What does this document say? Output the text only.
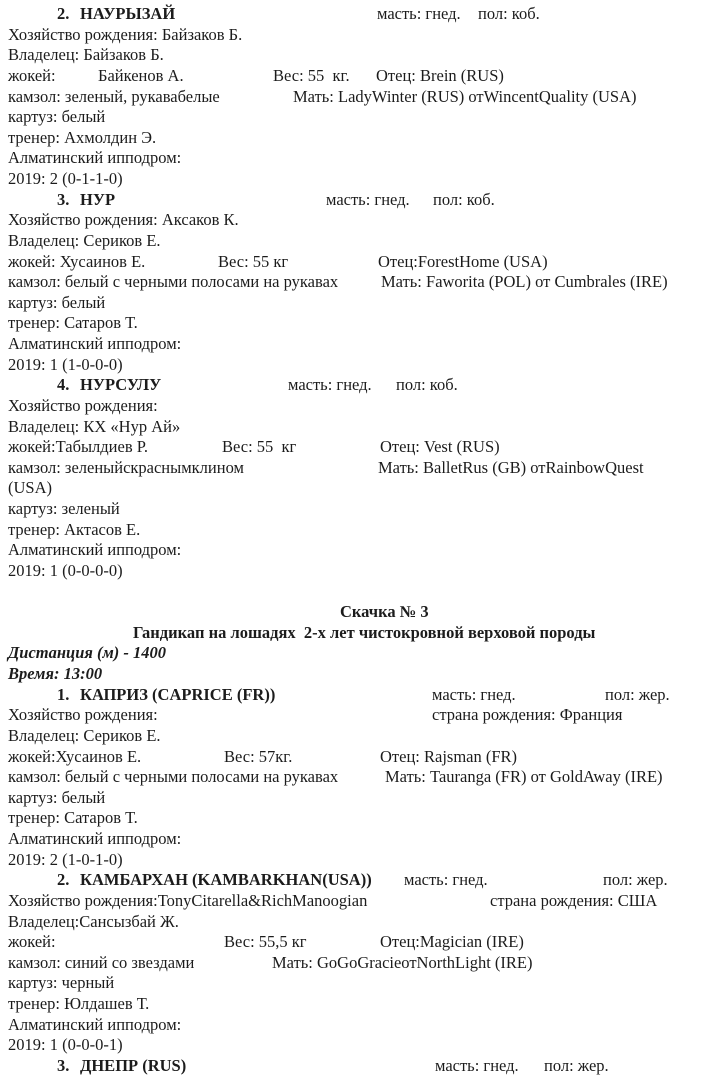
2. НАУРЫЗАЙ	масть: гнед. пол: коб.
Хозяйство рождения: Байзаков Б.
Владелец: Байзаков Б.
жокей:	Байкенов А.	Вес: 55  кг. Отец: Brein (RUS)
камзол: зеленый, рукавабелые	Мать: LadyWinter (RUS) отWincentQuality (USA)
картуз: белый
тренер: Ахмолдин Э.
Алматинский ипподром:
2019: 2 (0-1-1-0)
3. НУР	масть: гнед. пол: коб.
Хозяйство рождения: Аксаков К.
Владелец: Сериков Е.
жокей: Хусаинов Е.	Вес: 55 кг	Отец:ForestHome (USA)
камзол: белый с черными полосами на рукавах	Мать: Faworita (POL) от Cumbrales (IRE)
картуз: белый
тренер: Сатаров Т.
Алматинский ипподром:
2019: 1 (1-0-0-0)
4. НУРСУЛУ	масть: гнед. пол: коб.
Хозяйство рождения:
Владелец: КХ «Нур Ай»
жокей:Табылдиев Р.	Вес: 55  кг	Отец: Vest (RUS)
камзол: зеленыйскраснымклином	Мать: BalletRus (GB) отRainbowQuest
(USA)
картуз: зеленый
тренер: Актасов Е.
Алматинский ипподром:
2019: 1 (0-0-0-0)
Скачка № 3
Гандикап на лошадях  2-х лет чистокровной верховой породы
Дистанция (м) - 1400
Время: 13:00
1. КАПРИЗ (CAPRICE (FR))	масть: гнед.	пол: жер.
Хозяйство рождения:	страна рождения: Франция
Владелец: Сериков Е.
жокей:Хусаинов Е.	Вес: 57кг.	Отец: Rajsman (FR)
камзол: белый с черными полосами на рукавах	Мать: Tauranga (FR) от GoldAway (IRE)
картуз: белый
тренер: Сатаров Т.
Алматинский ипподром:
2019: 2 (1-0-1-0)
2. КАМБАРХАН (KAMBARKHAN(USA)) масть: гнед.	пол: жер.
Хозяйство рождения:TonyCitarella&RichManoogian	страна рождения: США
Владелец:Сансызбай Ж.
жокей:	Вес: 55,5 кг	Отец:Magician (IRE)
камзол: синий со звездами	Мать: GoGoGracieотNorthLight (IRE)
картуз: черный
тренер: Юлдашев Т.
Алматинский ипподром:
2019: 1 (0-0-0-1)
3. ДНЕПР (RUS)	масть: гнед. пол: жер.
